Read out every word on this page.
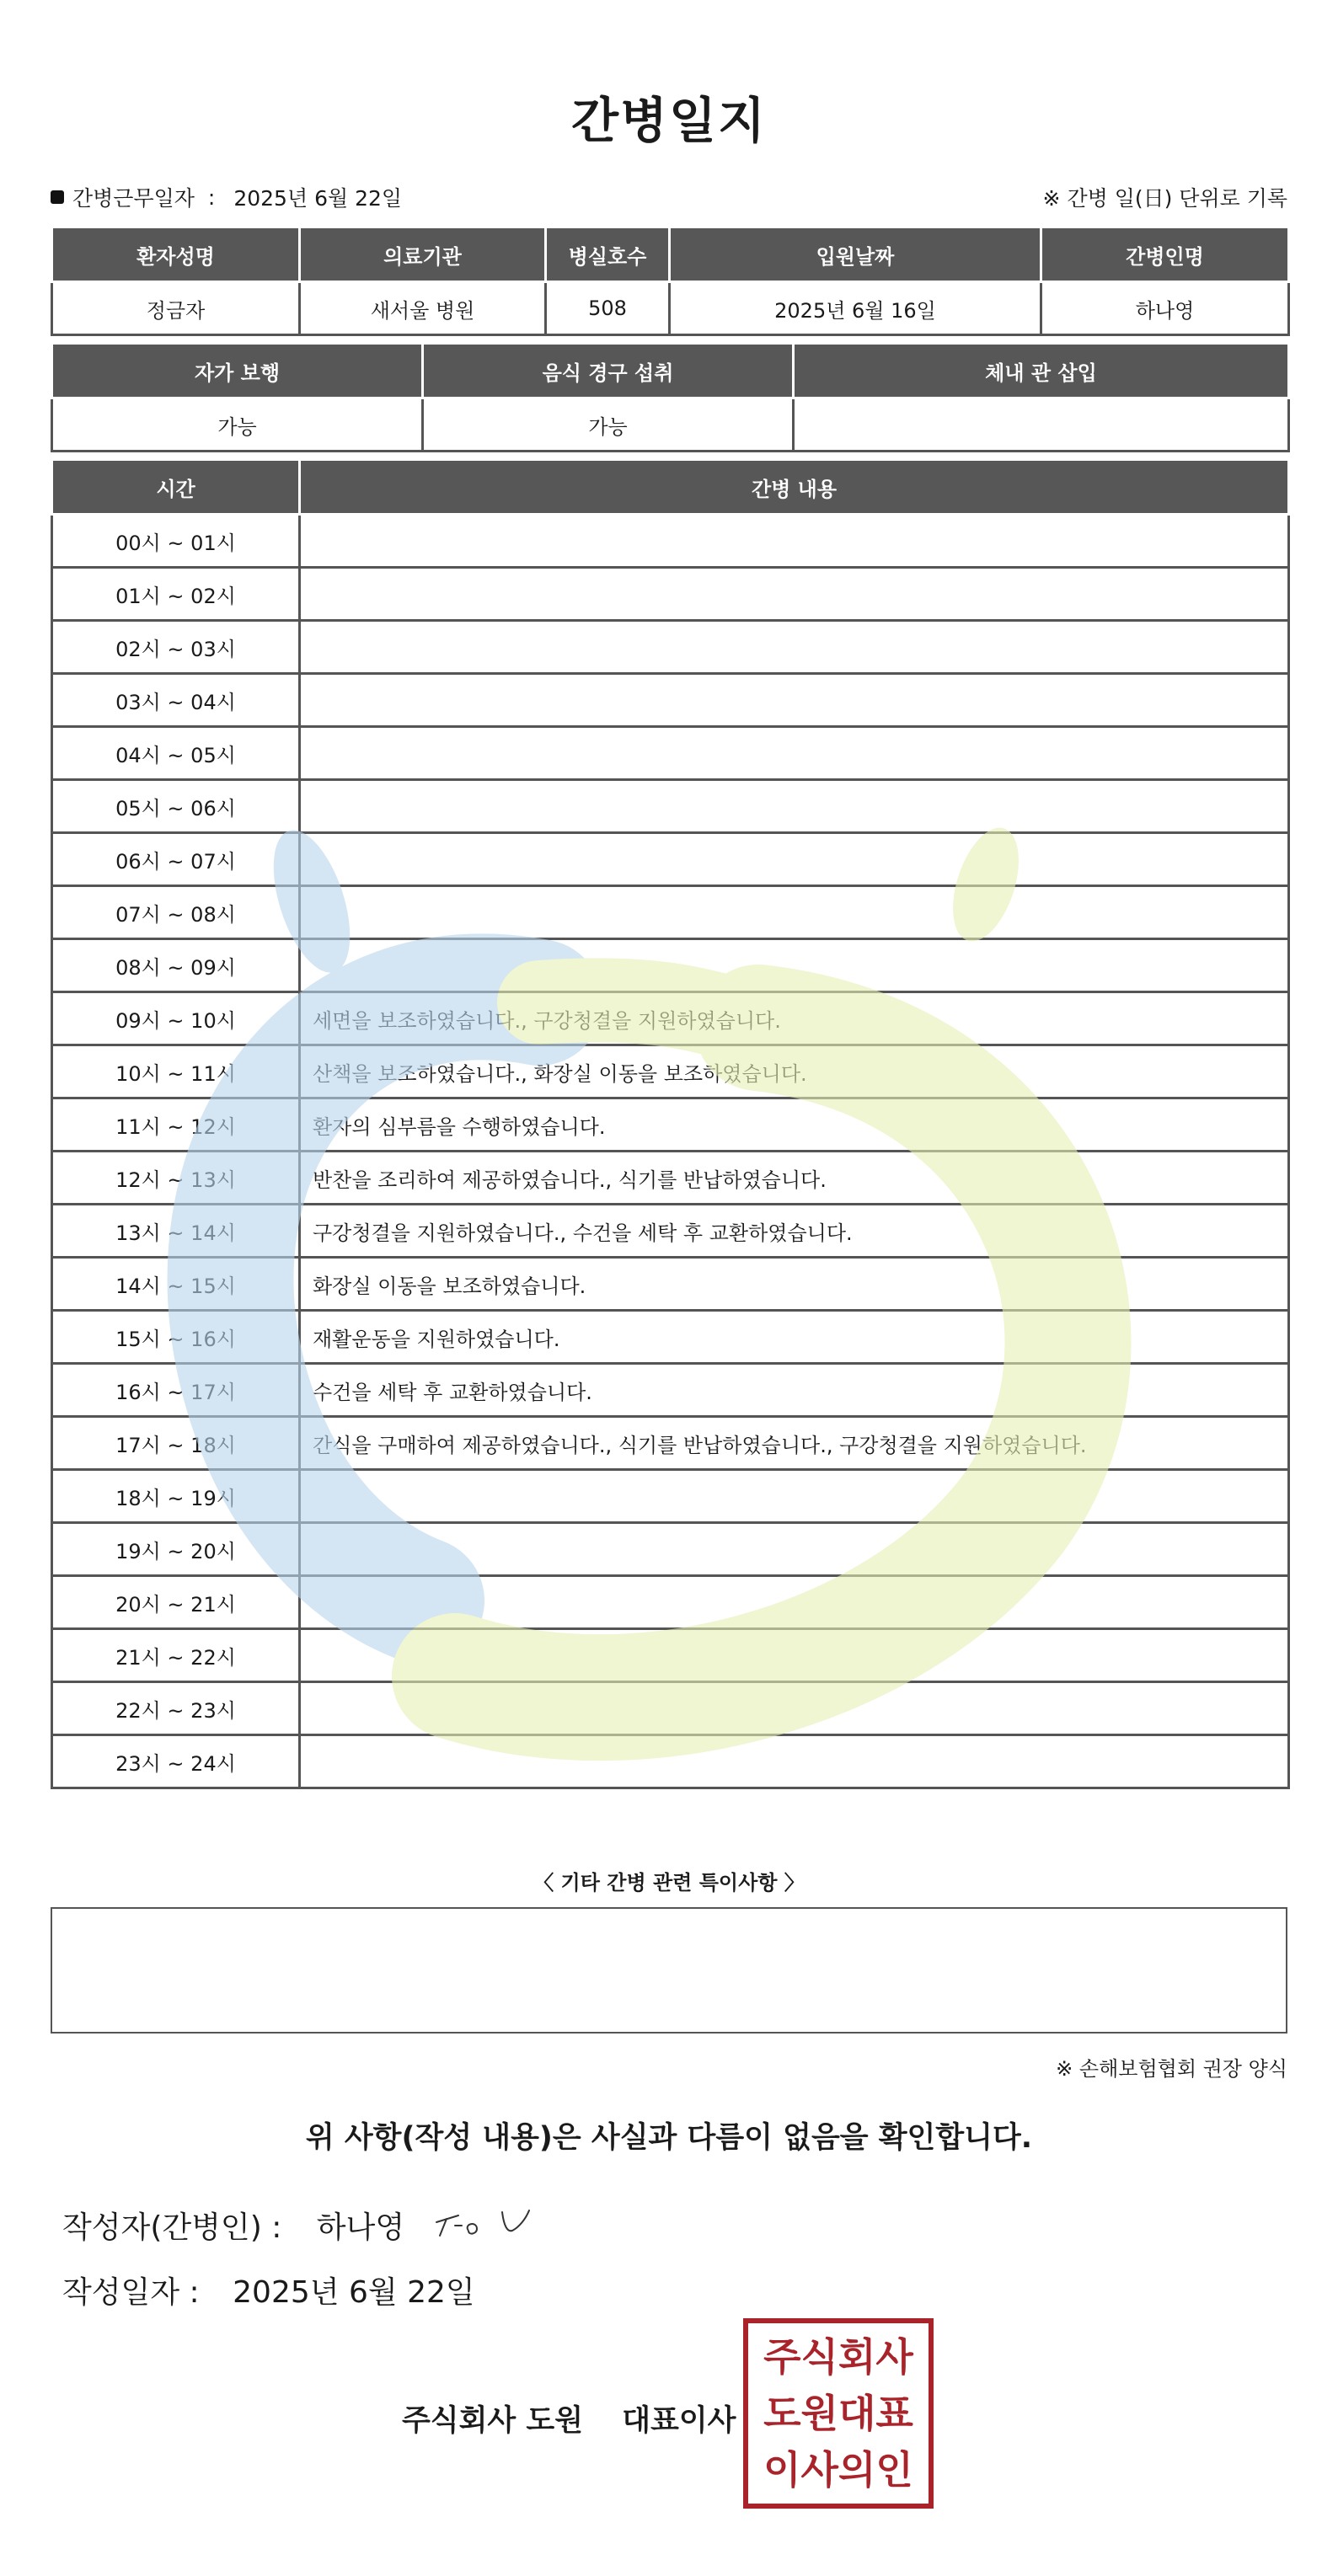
간병일지
간병근무일자 : 2025년 6월 22일	※ 간병 일(日) 단위로 기록
환자성명	의료기관	병실호수	입원날짜	간병인명
정금자	새서울 병원	508	2025년 6월 16일	하나영
자가 보행	음식 경구 섭취	체내 관 삽입
가능	가능	
시간	간병 내용
00시 ~ 01시	
01시 ~ 02시	
02시 ~ 03시	
03시 ~ 04시	
04시 ~ 05시	
05시 ~ 06시	
06시 ~ 07시	
07시 ~ 08시	
08시 ~ 09시	
09시 ~ 10시	세면을 보조하였습니다., 구강청결을 지원하였습니다.
10시 ~ 11시	산책을 보조하였습니다., 화장실 이동을 보조하였습니다.
11시 ~ 12시	환자의 심부름을 수행하였습니다.
12시 ~ 13시	반찬을 조리하여 제공하였습니다., 식기를 반납하였습니다.
13시 ~ 14시	구강청결을 지원하였습니다., 수건을 세탁 후 교환하였습니다.
14시 ~ 15시	화장실 이동을 보조하였습니다.
15시 ~ 16시	재활운동을 지원하였습니다.
16시 ~ 17시	수건을 세탁 후 교환하였습니다.
17시 ~ 18시	간식을 구매하여 제공하였습니다., 식기를 반납하였습니다., 구강청결을 지원하였습니다.
18시 ~ 19시	
19시 ~ 20시	
20시 ~ 21시	
21시 ~ 22시	
22시 ~ 23시	
23시 ~ 24시	
〈 기타 간병 관련 특이사항 〉
※ 손해보험협회 권장 양식
위 사항(작성 내용)은 사실과 다름이 없음을 확인합니다.
작성자(간병인) : 하나영
작성일자 : 2025년 6월 22일
주식회사 도원 대표이사
주식회사
도원대표
이사의인
